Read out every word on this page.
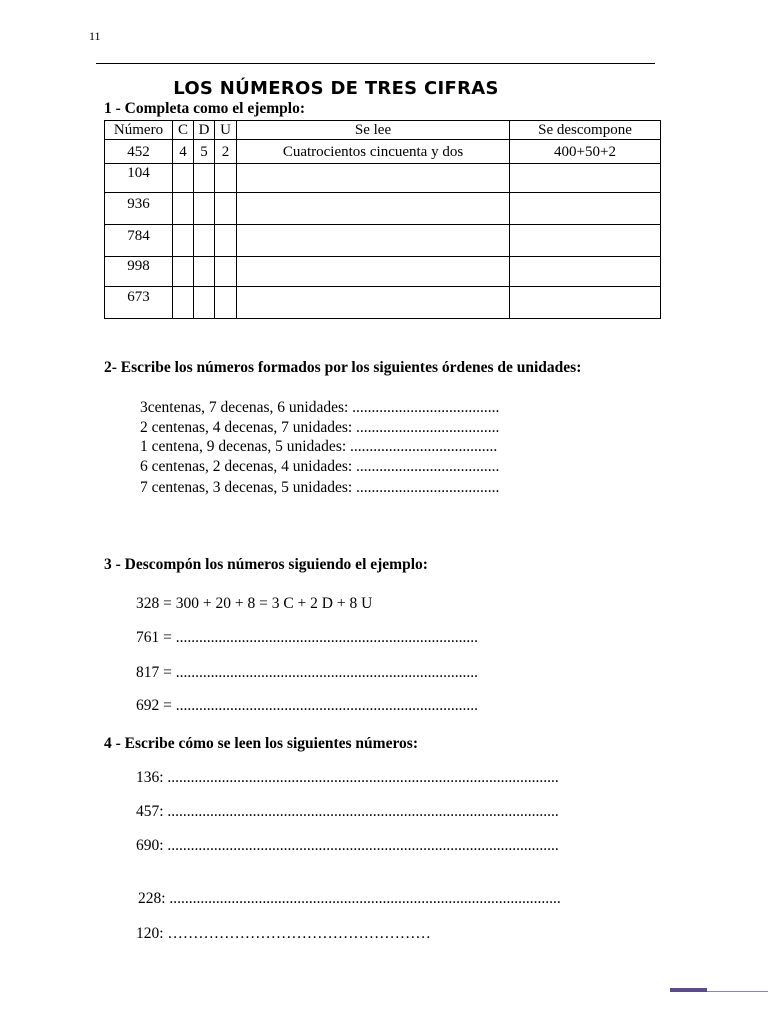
11
LOS NÚMEROS DE TRES CIFRAS
1 - Completa como el ejemplo:
Número	C	D	U	Se lee	Se descompone
452	4	5	2	Cuatrocientos cincuenta y dos	400+50+2
104					
936					
784					
998					
673					
2- Escribe los números formados por los siguientes órdenes de unidades:
3centenas, 7 decenas, 6 unidades: ......................................
2 centenas, 4 decenas, 7 unidades: .....................................
1 centena, 9 decenas, 5 unidades: ......................................
6 centenas, 2 decenas, 4 unidades: .....................................
7 centenas, 3 decenas, 5 unidades: .....................................
3 - Descompón los números siguiendo el ejemplo:
328 = 300 + 20 + 8 = 3 C + 2 D + 8 U
761 = ..............................................................................
817 = ..............................................................................
692 = ..............................................................................
4 - Escribe cómo se leen los siguientes números:
136: .....................................................................................................
457: .....................................................................................................
690: .....................................................................................................
228: .....................................................................................................
120: ……………………………………………
